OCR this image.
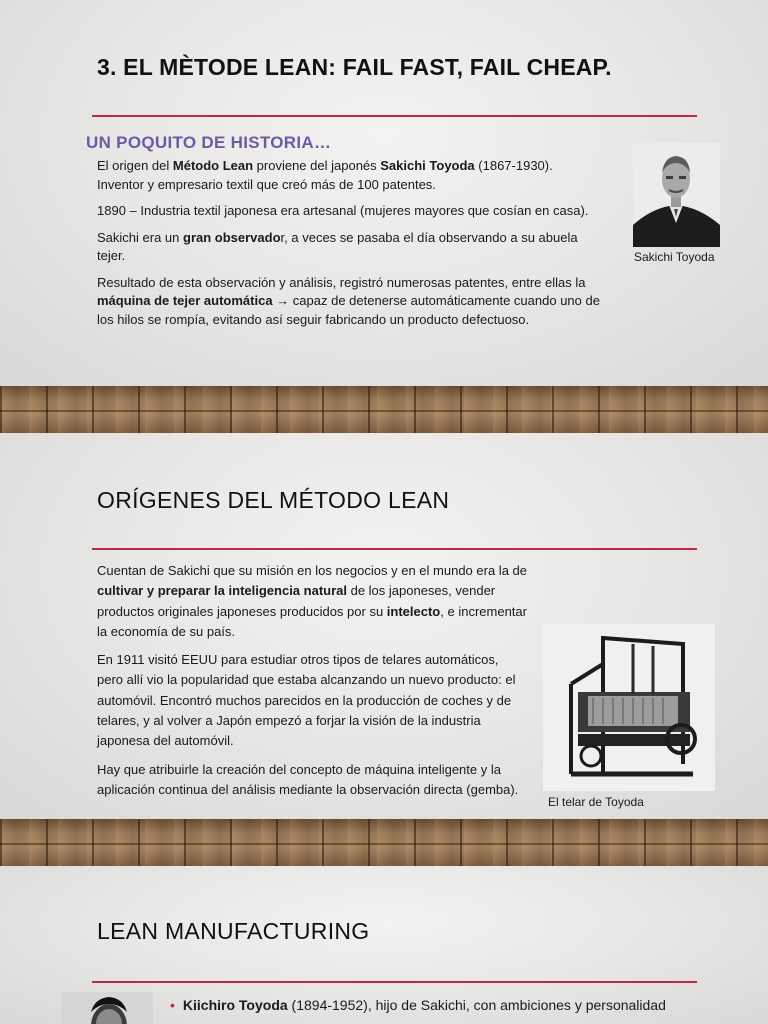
3. EL MÈTODE LEAN: FAIL FAST, FAIL CHEAP.
UN POQUITO DE HISTORIA…

El origen del Método Lean proviene del japonés Sakichi Toyoda (1867-1930). Inventor y empresario textil que creó más de 100 patentes.

1890 – Industria textil japonesa era artesanal (mujeres mayores que cosían en casa).

Sakichi era un gran observador, a veces se pasaba el día observando a su abuela tejer.

Resultado de esta observación y análisis, registró numerosas patentes, entre ellas la máquina de tejer automática → capaz de detenerse automáticamente cuando uno de los hilos se rompía, evitando así seguir fabricando un producto defectuoso.

Sakichi Toyoda
ORÍGENES DEL MÉTODO LEAN

Cuentan de Sakichi que su misión en los negocios y en el mundo era la de cultivar y preparar la inteligencia natural de los japoneses, vender productos originales japoneses producidos por su intelecto, e incrementar la economía de su país.

En 1911 visitó EEUU para estudiar otros tipos de telares automáticos, pero allí vio la popularidad que estaba alcanzando un nuevo producto: el automóvil. Encontró muchos parecidos en la producción de coches y de telares, y al volver a Japón empezó a forjar la visión de la industria japonesa del automóvil.

Hay que atribuirle la creación del concepto de máquina inteligente y la aplicación continua del análisis mediante la observación directa (gemba).

El telar de Toyoda
LEAN MANUFACTURING
• Kiichiro Toyoda (1894-1952), hijo de Sakichi, con ambiciones y personalidad
